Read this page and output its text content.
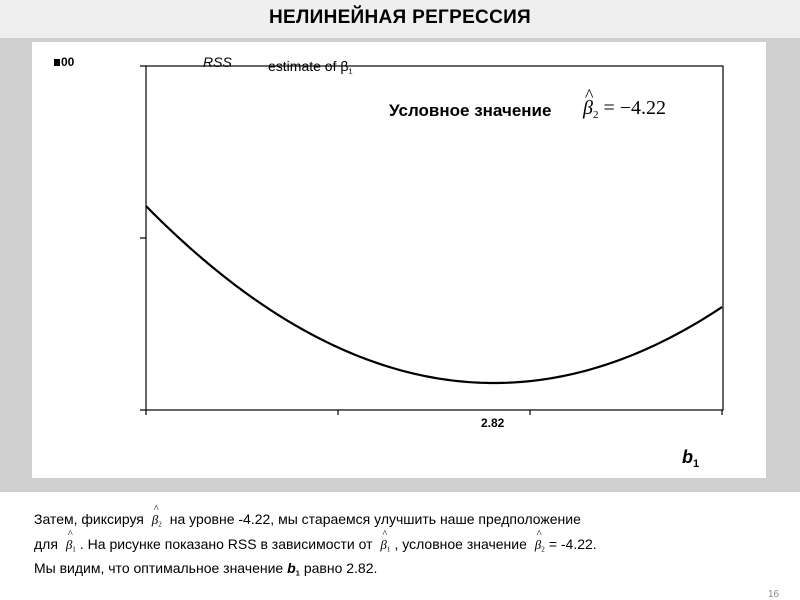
НЕЛИНЕЙНАЯ РЕГРЕССИЯ
00	RSS	estimate of $\beta_1$
Условное значение ^ $\beta_2 = -4.22$
2.82
$b_1$
Затем, фиксируя ^ $\beta_2$ на уровне -4.22, мы стараемся улучшить наше предположение
для ^ $\beta_1$ . На рисунке показано RSS в зависимости от ^ $\beta_1$ , условное значение ^ $\beta_2 = -4.22$.
Мы видим, что оптимальное значение $b_1$ равно 2.82.
16
